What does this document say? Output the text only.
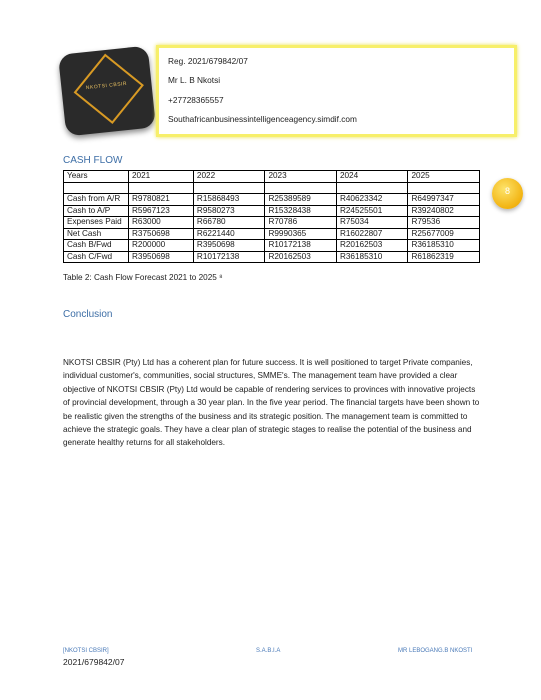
NKOTSI CBSIR
Reg. 2021/679842/07
Mr L. B Nkotsi
+27728365557
Southafricanbusinessintelligenceagency.simdif.com
CASH FLOW
Years	2021	2022	2023	2024	2025

Cash from A/R	R9780821	R15868493	R25389589	R40623342	R64997347
Cash to A/P	R5967123	R9580273	R15328438	R24525501	R39240802
Expenses Paid	R63000	R66780	R70786	R75034	R79536
Net Cash	R3750698	R6221440	R9990365	R16022807	R25677009
Cash B/Fwd	R200000	R3950698	R10172138	R20162503	R36185310
Cash C/Fwd	R3950698	R10172138	R20162503	R36185310	R61862319
Table 2: Cash Flow Forecast 2021 to 2025 ⁸
8
Conclusion
NKOTSI CBSIR (Pty) Ltd has a coherent plan for future success. It is well positioned to target Private companies, individual customer's, communities, social structures, SMME's. The management team have provided a clear objective of NKOTSI CBSIR (Pty) Ltd would be capable of rendering services to provinces with innovative projects of provincial development, through a 30 year plan. In the five year period. The financial targets have been shown to be realistic given the strengths of the business and its strategic position. The management team is committed to achieve the strategic goals. They have a clear plan of strategic stages to realise the potential of the business and generate healthy returns for all stakeholders.
[NKOTSI CBSIR]	S.A.B.I.A	MR LEBOGANG.B NKOSTI
2021/679842/07
